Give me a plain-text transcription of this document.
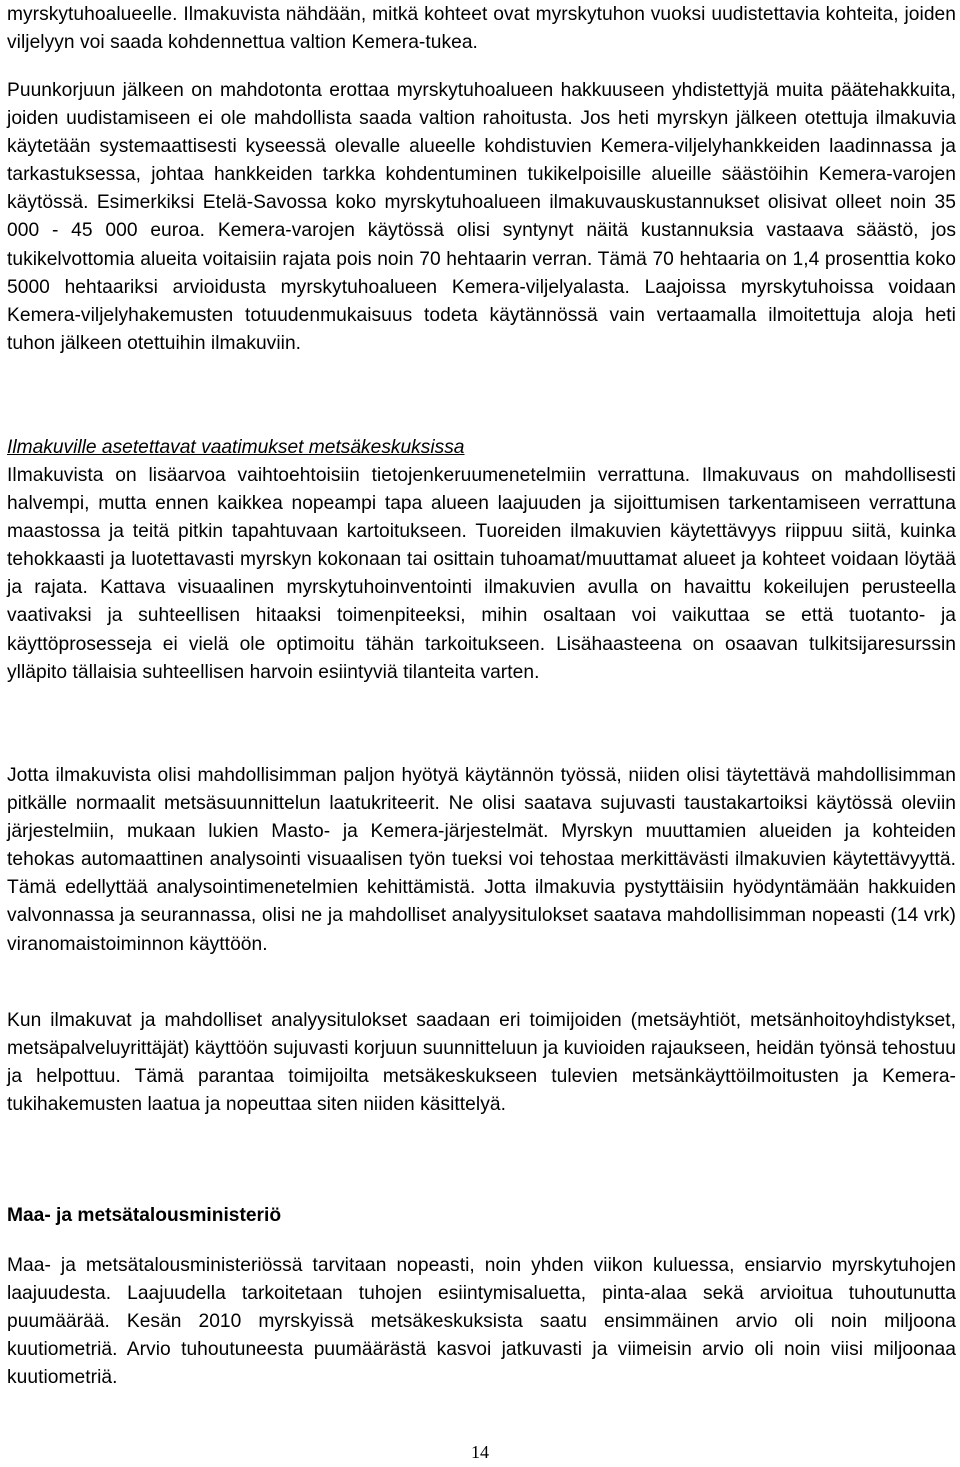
myrskytuhoalueelle. Ilmakuvista nähdään, mitkä kohteet ovat myrskytuhon vuoksi uudistettavia kohteita, joiden viljelyyn voi saada kohdennettua valtion Kemera-tukea.

Puunkorjuun jälkeen on mahdotonta erottaa myrskytuhoalueen hakkuuseen yhdistettyjä muita päätehakkuita, joiden uudistamiseen ei ole mahdollista saada valtion rahoitusta. Jos heti myrskyn jälkeen otettuja ilmakuvia käytetään systemaattisesti kyseessä olevalle alueelle kohdistuvien Kemera-viljelyhankkeiden laadinnassa ja tarkastuksessa, johtaa hankkeiden tarkka kohdentuminen tukikelpoisille alueille säästöihin Kemera-varojen käytössä. Esimerkiksi Etelä-Savossa koko myrskytuhoalueen ilmakuvauskustannukset olisivat olleet noin 35 000 - 45 000 euroa. Kemera-varojen käytössä olisi syntynyt näitä kustannuksia vastaava säästö, jos tukikelvottomia alueita voitaisiin rajata pois noin 70 hehtaarin verran. Tämä 70 hehtaaria on 1,4 prosenttia koko 5000 hehtaariksi arvioidusta myrskytuhoalueen Kemera-viljelyalasta. Laajoissa myrskytuhoissa voidaan Kemera-viljelyhakemusten totuudenmukaisuus todeta käytännössä vain vertaamalla ilmoitettuja aloja heti tuhon jälkeen otettuihin ilmakuviin.

Ilmakuville asetettavat vaatimukset metsäkeskuksissa

Ilmakuvista on lisäarvoa vaihtoehtoisiin tietojenkeruumenetelmiin verrattuna. Ilmakuvaus on mahdollisesti halvempi, mutta ennen kaikkea nopeampi tapa alueen laajuuden ja sijoittumisen tarkentamiseen verrattuna maastossa ja teitä pitkin tapahtuvaan kartoitukseen. Tuoreiden ilmakuvien käytettävyys riippuu siitä, kuinka tehokkaasti ja luotettavasti myrskyn kokonaan tai osittain tuhoamat/muuttamat alueet ja kohteet voidaan löytää ja rajata. Kattava visuaalinen myrskytuhoinventointi ilmakuvien avulla on havaittu kokeilujen perusteella vaativaksi ja suhteellisen hitaaksi toimenpiteeksi, mihin osaltaan voi vaikuttaa se että tuotanto- ja käyttöprosesseja ei vielä ole optimoitu tähän tarkoitukseen. Lisähaasteena on osaavan tulkitsijaresurssin ylläpito tällaisia suhteellisen harvoin esiintyviä tilanteita varten.

Jotta ilmakuvista olisi mahdollisimman paljon hyötyä käytännön työssä, niiden olisi täytettävä mahdollisimman pitkälle normaalit metsäsuunnittelun laatukriteerit. Ne olisi saatava sujuvasti taustakartoiksi käytössä oleviin järjestelmiin, mukaan lukien Masto- ja Kemera-järjestelmät. Myrskyn muuttamien alueiden ja kohteiden tehokas automaattinen analysointi visuaalisen työn tueksi voi tehostaa merkittävästi ilmakuvien käytettävyyttä. Tämä edellyttää analysointimenetelmien kehittämistä. Jotta ilmakuvia pystyttäisiin hyödyntämään hakkuiden valvonnassa ja seurannassa, olisi ne ja mahdolliset analyysitulokset saatava mahdollisimman nopeasti (14 vrk) viranomaistoiminnon käyttöön.

Kun ilmakuvat ja mahdolliset analyysitulokset saadaan eri toimijoiden (metsäyhtiöt, metsänhoitoyhdistykset, metsäpalveluyrittäjät) käyttöön sujuvasti korjuun suunnitteluun ja kuvioiden rajaukseen, heidän työnsä tehostuu ja helpottuu. Tämä parantaa toimijoilta metsäkeskukseen tulevien metsänkäyttöilmoitusten ja Kemera-tukihakemusten laatua ja nopeuttaa siten niiden käsittelyä.

Maa- ja metsätalousministeriö

Maa- ja metsätalousministeriössä tarvitaan nopeasti, noin yhden viikon kuluessa, ensiarvio myrskytuhojen laajuudesta. Laajuudella tarkoitetaan tuhojen esiintymisaluetta, pinta-alaa sekä arvioitua tuhoutunutta puumäärää. Kesän 2010 myrskyissä metsäkeskuksista saatu ensimmäinen arvio oli noin miljoona kuutiometriä. Arvio tuhoutuneesta puumäärästä kasvoi jatkuvasti ja viimeisin arvio oli noin viisi miljoonaa kuutiometriä.

14
